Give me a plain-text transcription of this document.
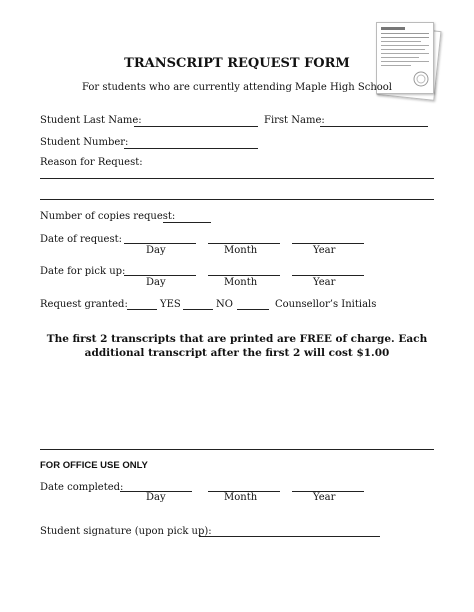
TRANSCRIPT REQUEST FORM
For students who are currently attending Maple High School
Student Last Name:	First Name:
Student Number:
Reason for Request:
Number of copies request:
Date of request:
Day	Month	Year
Date for pick up:
Day	Month	Year
Request granted:	YES	NO	Counsellor’s Initials
The first 2 transcripts that are printed are FREE of charge. Each additional transcript after the first 2 will cost $1.00
FOR OFFICE USE ONLY
Date completed:
Day	Month	Year
Student signature (upon pick up):
